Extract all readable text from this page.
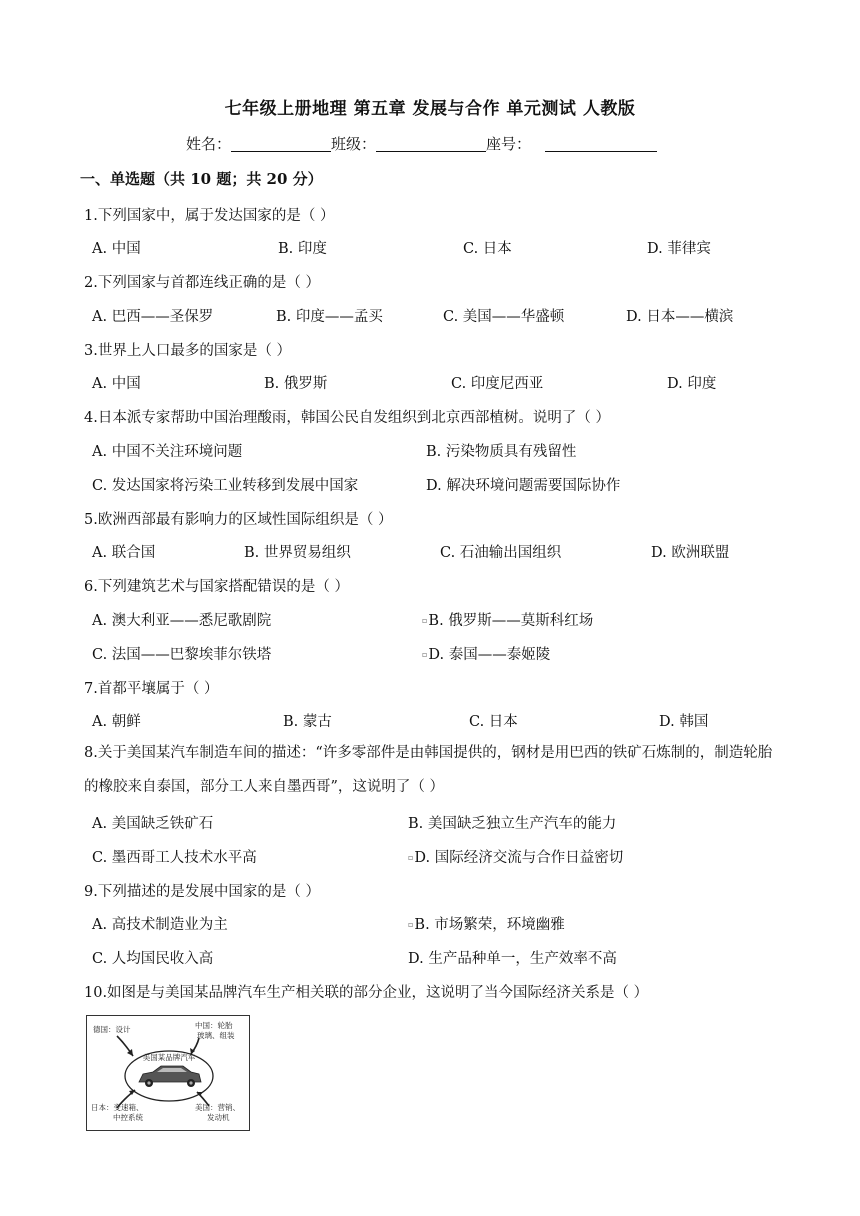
七年级上册地理 第五章 发展与合作 单元测试 人教版
姓名：	班级：	座号：
一、单选题（共 10 题；共 20 分）
1.下列国家中，属于发达国家的是（ ）
A. 中国	B. 印度	C. 日本	D. 菲律宾
2.下列国家与首都连线正确的是（ ）
A. 巴西——圣保罗	B. 印度——孟买	C. 美国——华盛顿	D. 日本——横滨
3.世界上人口最多的国家是（ ）
A. 中国	B. 俄罗斯	C. 印度尼西亚	D. 印度
4.日本派专家帮助中国治理酸雨，韩国公民自发组织到北京西部植树。说明了（ ）
A. 中国不关注环境问题	B. 污染物质具有残留性
C. 发达国家将污染工业转移到发展中国家	D. 解决环境问题需要国际协作
5.欧洲西部最有影响力的区域性国际组织是（ ）
A. 联合国	B. 世界贸易组织	C. 石油输出国组织	D. 欧洲联盟
6.下列建筑艺术与国家搭配错误的是（ ）
A. 澳大利亚——悉尼歌剧院	▫B. 俄罗斯——莫斯科红场
C. 法国——巴黎埃菲尔铁塔	▫D. 泰国——泰姬陵
7.首都平壤属于（ ）
A. 朝鲜	B. 蒙古	C. 日本	D. 韩国
8.关于美国某汽车制造车间的描述：“许多零部件是由韩国提供的，钢材是用巴西的铁矿石炼制的，制造轮胎的橡胶来自泰国，部分工人来自墨西哥”，这说明了（ ）
A. 美国缺乏铁矿石	B. 美国缺乏独立生产汽车的能力
C. 墨西哥工人技术水平高	▫D. 国际经济交流与合作日益密切
9.下列描述的是发展中国家的是（ ）
A. 高技术制造业为主	▫B. 市场繁荣，环境幽雅
C. 人均国民收入高	D. 生产品种单一，生产效率不高
10.如图是与美国某品牌汽车生产相关联的部分企业，这说明了当今国际经济关系是（ ）
美国某品牌汽车
德国：设计	中国：轮胎
玻璃、组装
日本：变速箱、
中控系统
美国：营销、
发动机
